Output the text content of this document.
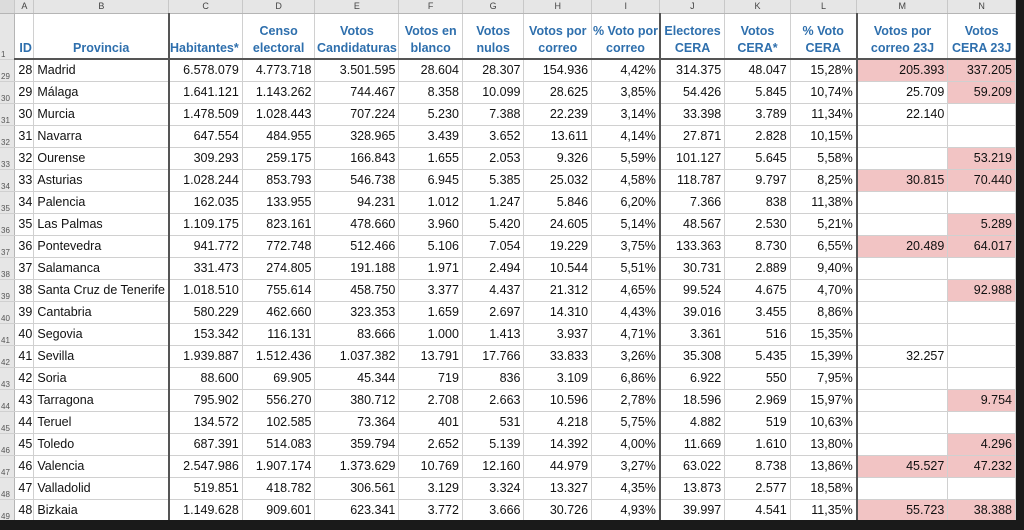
	A	B	C	D	E	F	G	H	I	J	K	L	M	N
1	ID	Provincia	Habitantes*	Censo electoral	Votos Candidaturas	Votos en blanco	Votos nulos	Votos por correo	% Voto por correo	Electores CERA	Votos CERA*	% Voto CERA	Votos por correo 23J	Votos CERA 23J
29	28	Madrid	6.578.079	4.773.718	3.501.595	28.604	28.307	154.936	4,42%	314.375	48.047	15,28%	205.393	337.205
30	29	Málaga	1.641.121	1.143.262	744.467	8.358	10.099	28.625	3,85%	54.426	5.845	10,74%	25.709	59.209
31	30	Murcia	1.478.509	1.028.443	707.224	5.230	7.388	22.239	3,14%	33.398	3.789	11,34%	22.140	
32	31	Navarra	647.554	484.955	328.965	3.439	3.652	13.611	4,14%	27.871	2.828	10,15%		
33	32	Ourense	309.293	259.175	166.843	1.655	2.053	9.326	5,59%	101.127	5.645	5,58%		53.219
34	33	Asturias	1.028.244	853.793	546.738	6.945	5.385	25.032	4,58%	118.787	9.797	8,25%	30.815	70.440
35	34	Palencia	162.035	133.955	94.231	1.012	1.247	5.846	6,20%	7.366	838	11,38%		
36	35	Las Palmas	1.109.175	823.161	478.660	3.960	5.420	24.605	5,14%	48.567	2.530	5,21%		5.289
37	36	Pontevedra	941.772	772.748	512.466	5.106	7.054	19.229	3,75%	133.363	8.730	6,55%	20.489	64.017
38	37	Salamanca	331.473	274.805	191.188	1.971	2.494	10.544	5,51%	30.731	2.889	9,40%		
39	38	Santa Cruz de Tenerife	1.018.510	755.614	458.750	3.377	4.437	21.312	4,65%	99.524	4.675	4,70%		92.988
40	39	Cantabria	580.229	462.660	323.353	1.659	2.697	14.310	4,43%	39.016	3.455	8,86%		
41	40	Segovia	153.342	116.131	83.666	1.000	1.413	3.937	4,71%	3.361	516	15,35%		
42	41	Sevilla	1.939.887	1.512.436	1.037.382	13.791	17.766	33.833	3,26%	35.308	5.435	15,39%	32.257	
43	42	Soria	88.600	69.905	45.344	719	836	3.109	6,86%	6.922	550	7,95%		
44	43	Tarragona	795.902	556.270	380.712	2.708	2.663	10.596	2,78%	18.596	2.969	15,97%		9.754
45	44	Teruel	134.572	102.585	73.364	401	531	4.218	5,75%	4.882	519	10,63%		
46	45	Toledo	687.391	514.083	359.794	2.652	5.139	14.392	4,00%	11.669	1.610	13,80%		4.296
47	46	Valencia	2.547.986	1.907.174	1.373.629	10.769	12.160	44.979	3,27%	63.022	8.738	13,86%	45.527	47.232
48	47	Valladolid	519.851	418.782	306.561	3.129	3.324	13.327	4,35%	13.873	2.577	18,58%		
49	48	Bizkaia	1.149.628	909.601	623.341	3.772	3.666	30.726	4,93%	39.997	4.541	11,35%	55.723	38.388
